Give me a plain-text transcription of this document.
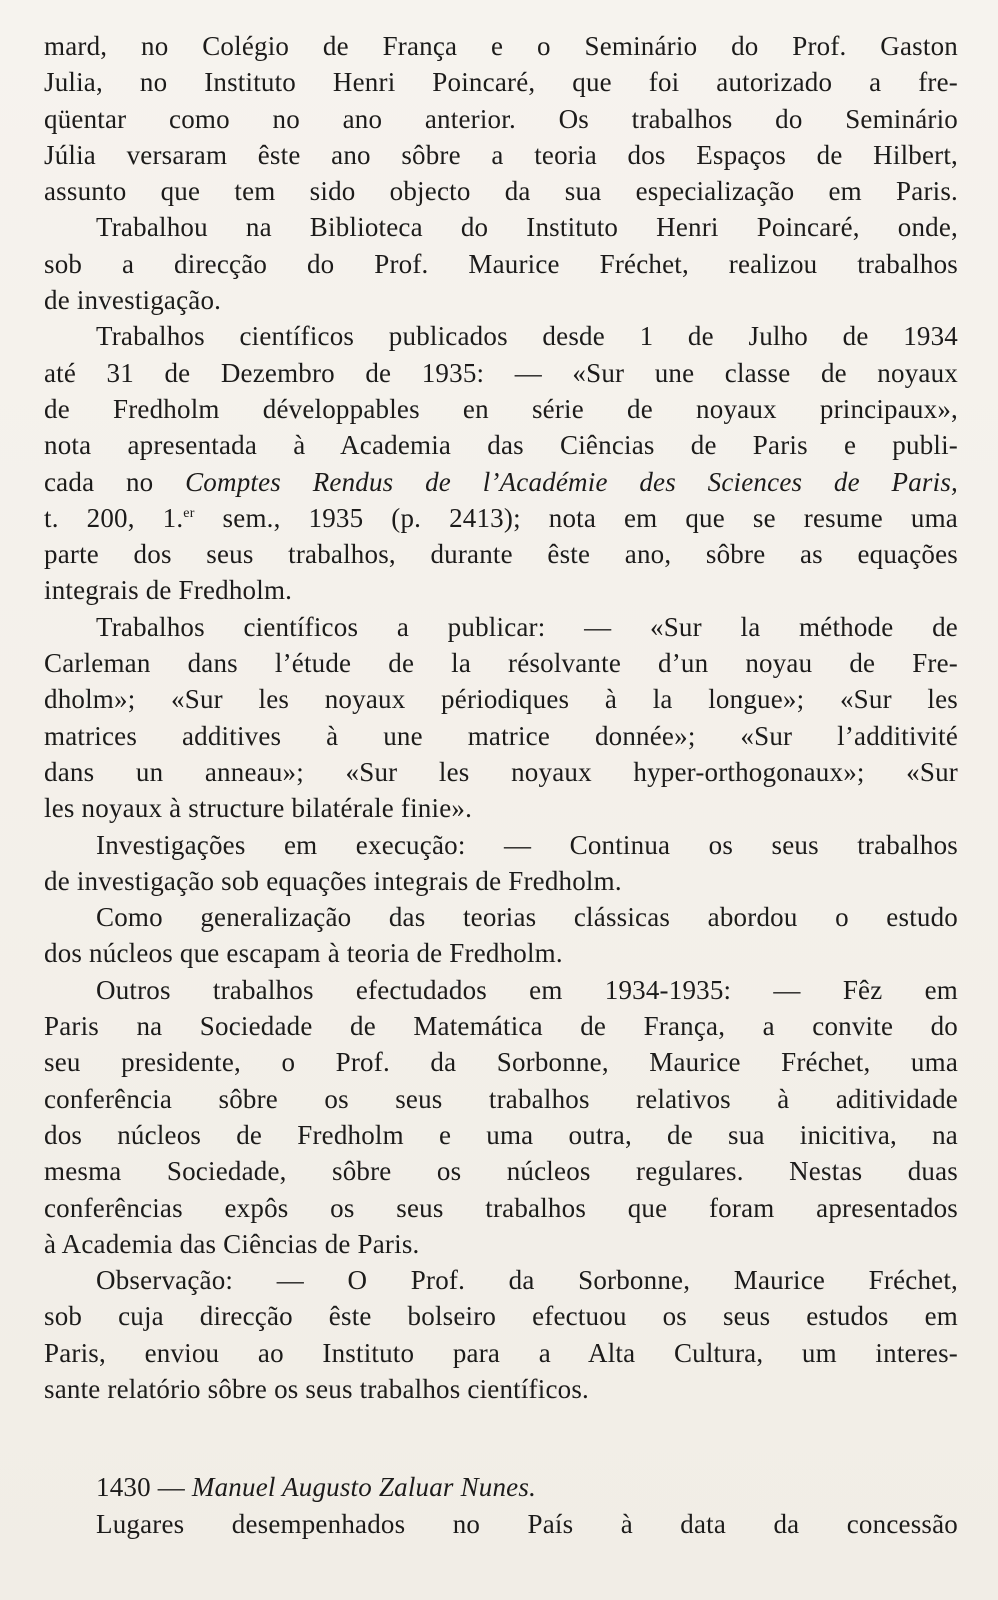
mard, no Colégio de França e o Seminário do Prof. Gaston
Julia, no Instituto Henri Poincaré, que foi autorizado a fre-
qüentar como no ano anterior. Os trabalhos do Seminário
Júlia versaram êste ano sôbre a teoria dos Espaços de Hilbert,
assunto que tem sido objecto da sua especialização em Paris.
Trabalhou na Biblioteca do Instituto Henri Poincaré, onde,
sob a direcção do Prof. Maurice Fréchet, realizou trabalhos
de investigação.
Trabalhos científicos publicados desde 1 de Julho de 1934
até 31 de Dezembro de 1935: — «Sur une classe de noyaux
de Fredholm développables en série de noyaux principaux»,
nota apresentada à Academia das Ciências de Paris e publi-
cada no Comptes Rendus de l’Académie des Sciences de Paris,
t. 200, 1.$^{er}$ sem., 1935 (p. 2413); nota em que se resume uma
parte dos seus trabalhos, durante êste ano, sôbre as equações
integrais de Fredholm.
Trabalhos científicos a publicar: — «Sur la méthode de
Carleman dans l’étude de la résolvante d’un noyau de Fre-
dholm»; «Sur les noyaux périodiques à la longue»; «Sur les
matrices additives à une matrice donnée»; «Sur l’additivité
dans un anneau»; «Sur les noyaux hyper-orthogonaux»; «Sur
les noyaux à structure bilatérale finie».
Investigações em execução: — Continua os seus trabalhos
de investigação sob equações integrais de Fredholm.
Como generalização das teorias clássicas abordou o estudo
dos núcleos que escapam à teoria de Fredholm.
Outros trabalhos efectudados em 1934-1935: — Fêz em
Paris na Sociedade de Matemática de França, a convite do
seu presidente, o Prof. da Sorbonne, Maurice Fréchet, uma
conferência sôbre os seus trabalhos relativos à aditividade
dos núcleos de Fredholm e uma outra, de sua inicitiva, na
mesma Sociedade, sôbre os núcleos regulares. Nestas duas
conferências expôs os seus trabalhos que foram apresentados
à Academia das Ciências de Paris.
Observação: — O Prof. da Sorbonne, Maurice Fréchet,
sob cuja direcção êste bolseiro efectuou os seus estudos em
Paris, enviou ao Instituto para a Alta Cultura, um interes-
sante relatório sôbre os seus trabalhos científicos.
1430 — Manuel Augusto Zaluar Nunes.
Lugares desempenhados no País à data da concessão
